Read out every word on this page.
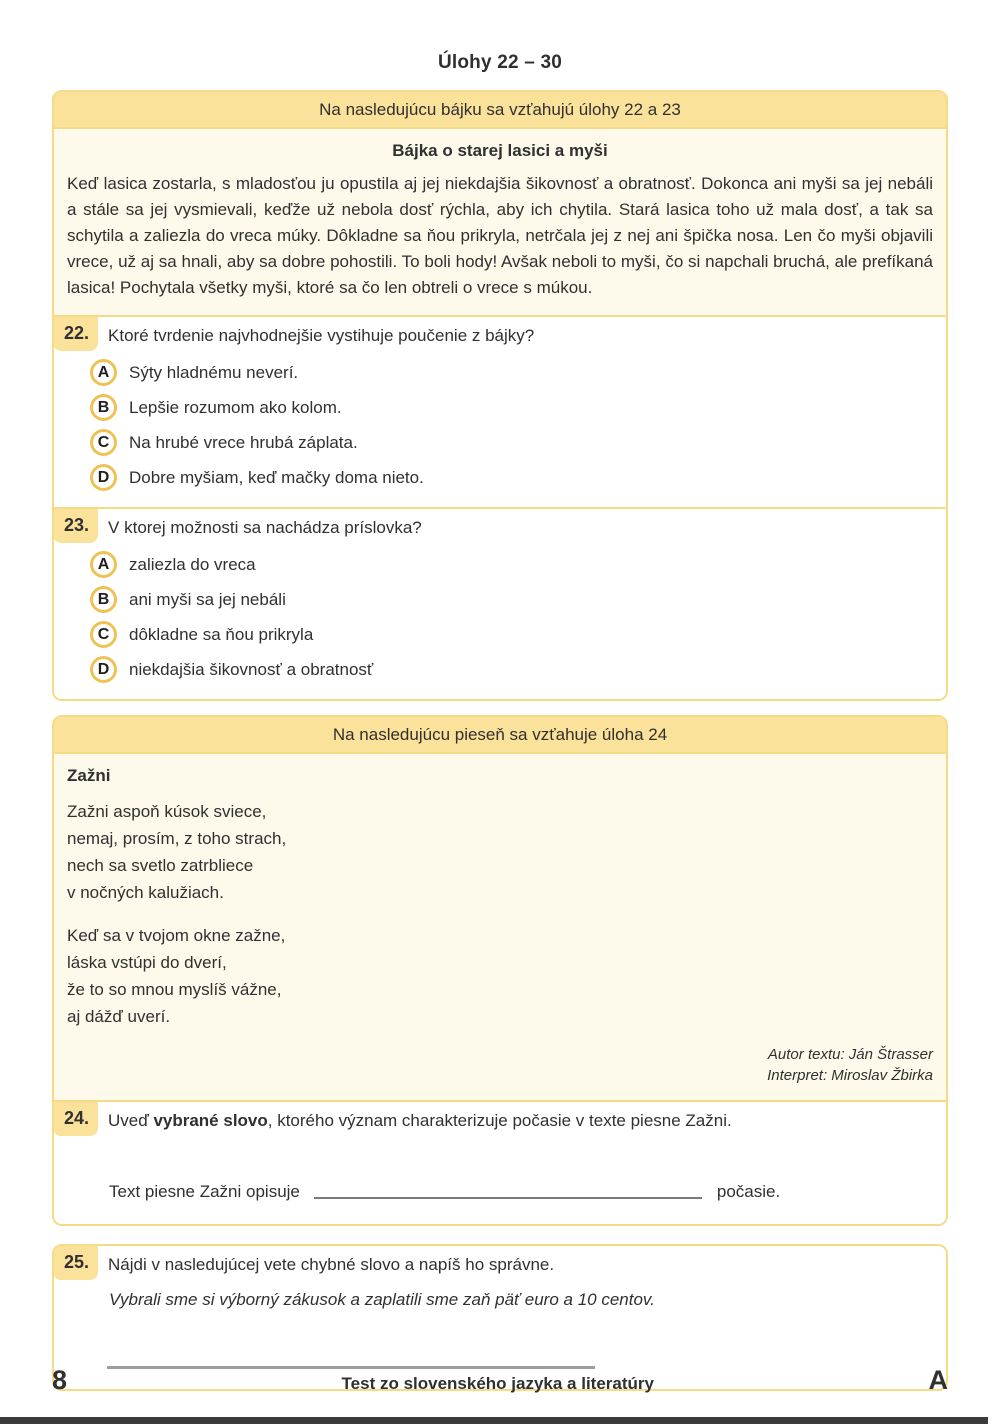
Úlohy 22 – 30
Na nasledujúcu bájku sa vzťahujú úlohy 22 a 23
Bájka o starej lasici a myši

Keď lasica zostarla, s mladosťou ju opustila aj jej niekdajšia šikovnosť a obratnosť. Dokonca ani myši sa jej nebáli a stále sa jej vysmievali, keďže už nebola dosť rýchla, aby ich chytila. Stará lasica toho už mala dosť, a tak sa schytila a zaliezla do vreca múky. Dôkladne sa ňou prikryla, netrčala jej z nej ani špička nosa. Len čo myši objavili vrece, už aj sa hnali, aby sa dobre pohostili. To boli hody! Avšak neboli to myši, čo si napchali bruchá, ale prefíkaná lasica! Pochytala všetky myši, ktoré sa čo len obtreli o vrece s múkou.

22.	Ktoré tvrdenie najvhodnejšie vystihuje poučenie z bájky?
A	Sýty hladnému neverí.
B	Lepšie rozumom ako kolom.
C	Na hrubé vrece hrubá záplata.
D	Dobre myšiam, keď mačky doma nieto.
23.	V ktorej možnosti sa nachádza príslovka?
A	zaliezla do vreca
B	ani myši sa jej nebáli
C	dôkladne sa ňou prikryla
D	niekdajšia šikovnosť a obratnosť
Na nasledujúcu pieseň sa vzťahuje úloha 24
Zažni
Zažni aspoň kúsok sviece,
nemaj, prosím, z toho strach,
nech sa svetlo zatrbliece
v nočných kalužiach.
Keď sa v tvojom okne zažne,
láska vstúpi do dverí,
že to so mnou myslíš vážne,
aj dážď uverí.
Autor textu: Ján Štrasser
Interpret: Miroslav Žbirka
24.	Uveď vybrané slovo, ktorého význam charakterizuje počasie v texte piesne Zažni.
Text piesne Zažni opisuje	počasie.
25.	Nájdi v nasledujúcej vete chybné slovo a napíš ho správne.

Vybrali sme si výborný zákusok a zaplatili sme zaň päť euro a 10 centov.

8	Test zo slovenského jazyka a literatúry	A
